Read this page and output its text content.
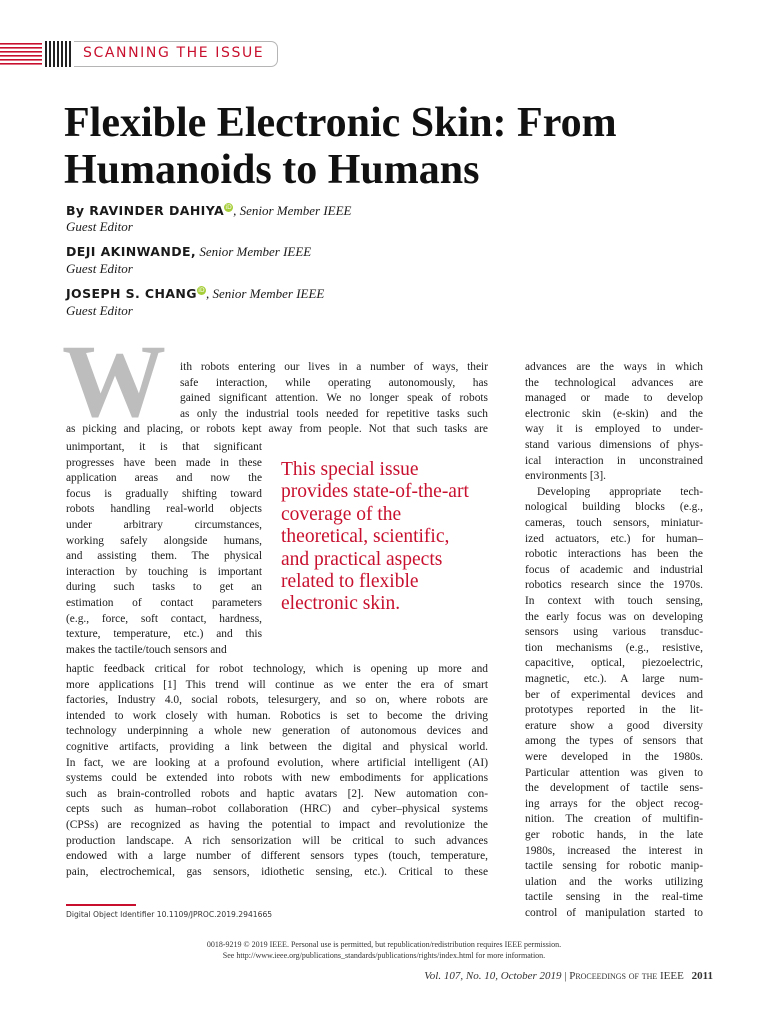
SCANNING THE ISSUE
Flexible Electronic Skin: From Humanoids to Humans
By RAVINDER DAHIYAiD, Senior Member IEEE
Guest Editor
DEJI AKINWANDE, Senior Member IEEE
Guest Editor
JOSEPH S. CHANGiD, Senior Member IEEE
Guest Editor
W ith robots entering our lives in a number of ways, their

safe interaction, while operating autonomously, has

gained significant attention. We no longer speak of robots

as only the industrial tools needed for repetitive tasks such

as picking and placing, or robots kept away from people. Not that such tasks are

unimportant, it is that significant

progresses have been made in these

application areas and now the

focus is gradually shifting toward

robots handling real-world objects

under arbitrary circumstances,

working safely alongside humans,

and assisting them. The physical

interaction by touching is important

during such tasks to get an

estimation of contact parameters

(e.g., force, soft contact, hardness,

texture, temperature, etc.) and this

makes the tactile/touch sensors and

haptic feedback critical for robot technology, which is opening up more and

more applications [1] This trend will continue as we enter the era of smart

factories, Industry 4.0, social robots, telesurgery, and so on, where robots are

intended to work closely with human. Robotics is set to become the driving

technology underpinning a whole new generation of autonomous devices and

cognitive artifacts, providing a link between the digital and physical world.

In fact, we are looking at a profound evolution, where artificial intelligent (AI)

systems could be extended into robots with new embodiments for applications

such as brain-controlled robots and haptic avatars [2]. New automation con-

cepts such as human–robot collaboration (HRC) and cyber–physical systems

(CPSs) are recognized as having the potential to impact and revolutionize the

production landscape. A rich sensorization will be critical to such advances

endowed with a large number of different sensors types (touch, temperature,

pain, electrochemical, gas sensors, idiothetic sensing, etc.). Critical to these

advances are the ways in which

the technological advances are

managed or made to develop

electronic skin (e-skin) and the

way it is employed to under-

stand various dimensions of phys-

ical interaction in unconstrained

environments [3].

Developing appropriate tech-

nological building blocks (e.g.,

cameras, touch sensors, miniatur-

ized actuators, etc.) for human–

robotic interactions has been the

focus of academic and industrial

robotics research since the 1970s.

In context with touch sensing,

the early focus was on developing

sensors using various transduc-

tion mechanisms (e.g., resistive,

capacitive, optical, piezoelectric,

magnetic, etc.). A large num-

ber of experimental devices and

prototypes reported in the lit-

erature show a good diversity

among the types of sensors that

were developed in the 1980s.

Particular attention was given to

the development of tactile sens-

ing arrays for the object recog-

nition. The creation of multifin-

ger robotic hands, in the late

1980s, increased the interest in

tactile sensing for robotic manip-

ulation and the works utilizing

tactile sensing in the real-time

control of manipulation started to

This special issue provides state-of-the-art coverage of the theoretical, scientific, and practical aspects related to flexible electronic skin.

Digital Object Identifier 10.1109/JPROC.2019.2941665
0018-9219 © 2019 IEEE. Personal use is permitted, but republication/redistribution requires IEEE permission.
See http://www.ieee.org/publications_standards/publications/rights/index.html for more information.
Vol. 107, No. 10, October 2019 | Proceedings of the IEEE 2011
